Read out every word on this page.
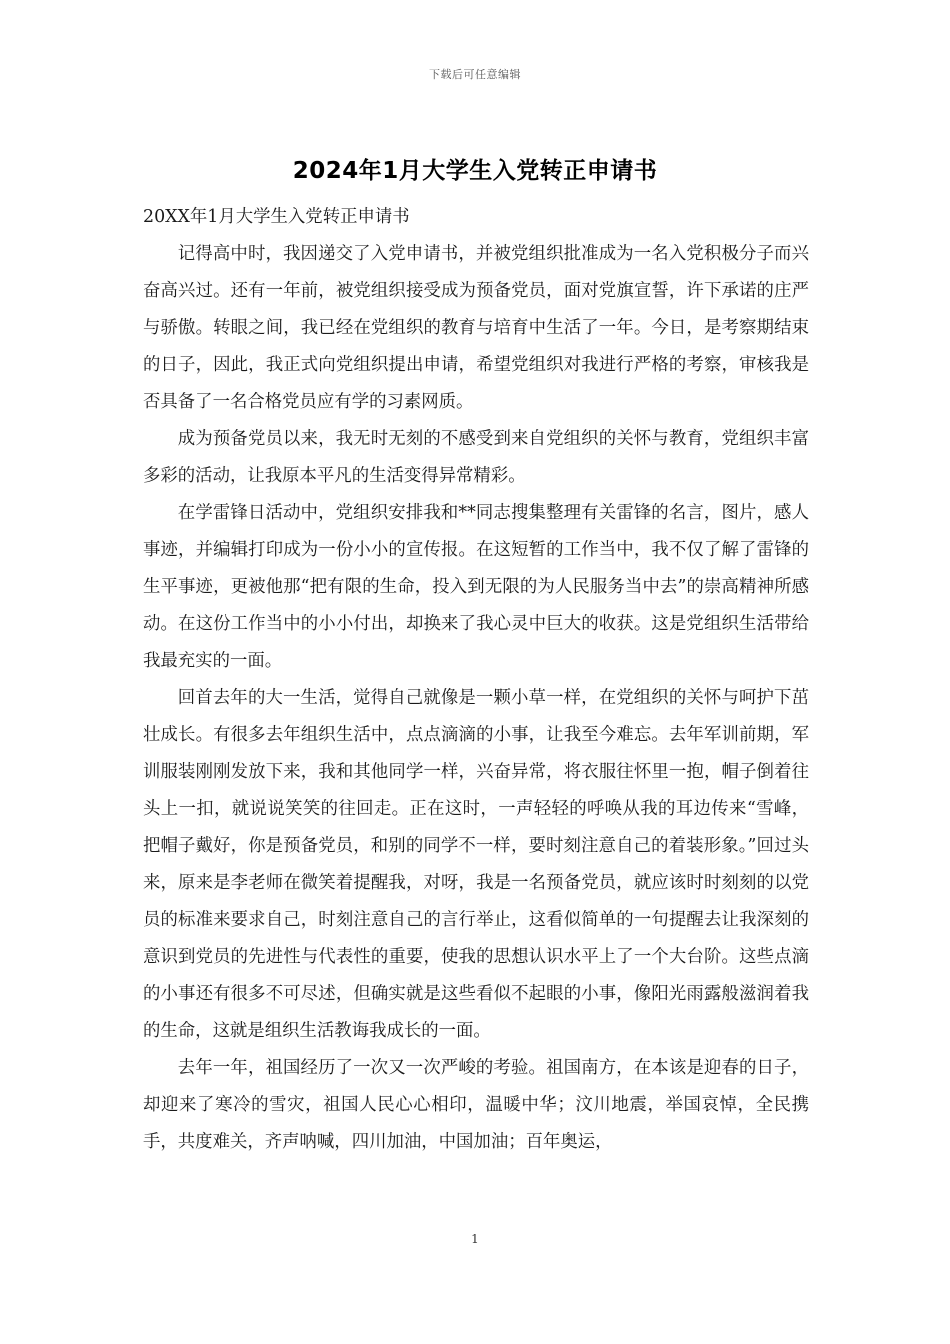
下载后可任意编辑
2024年1月大学生入党转正申请书

20XX年1月大学生入党转正申请书

记得高中时，我因递交了入党申请书，并被党组织批准成为一名入党积极分子而兴奋高兴过。还有一年前，被党组织接受成为预备党员，面对党旗宣誓，许下承诺的庄严与骄傲。转眼之间，我已经在党组织的教育与培育中生活了一年。今日，是考察期结束的日子，因此，我正式向党组织提出申请，希望党组织对我进行严格的考察，审核我是否具备了一名合格党员应有学的习素网质。

成为预备党员以来，我无时无刻的不感受到来自党组织的关怀与教育，党组织丰富多彩的活动，让我原本平凡的生活变得异常精彩。

在学雷锋日活动中，党组织安排我和**同志搜集整理有关雷锋的名言，图片，感人事迹，并编辑打印成为一份小小的宣传报。在这短暂的工作当中，我不仅了解了雷锋的生平事迹，更被他那“把有限的生命，投入到无限的为人民服务当中去”的崇高精神所感动。在这份工作当中的小小付出，却换来了我心灵中巨大的收获。这是党组织生活带给我最充实的一面。

回首去年的大一生活，觉得自己就像是一颗小草一样，在党组织的关怀与呵护下茁壮成长。有很多去年组织生活中，点点滴滴的小事，让我至今难忘。去年军训前期，军训服装刚刚发放下来，我和其他同学一样，兴奋异常，将衣服往怀里一抱，帽子倒着往头上一扣，就说说笑笑的往回走。正在这时，一声轻轻的呼唤从我的耳边传来“雪峰，把帽子戴好，你是预备党员，和别的同学不一样，要时刻注意自己的着装形象。”回过头来，原来是李老师在微笑着提醒我，对呀，我是一名预备党员，就应该时时刻刻的以党员的标准来要求自己，时刻注意自己的言行举止，这看似简单的一句提醒去让我深刻的意识到党员的先进性与代表性的重要，使我的思想认识水平上了一个大台阶。这些点滴的小事还有很多不可尽述，但确实就是这些看似不起眼的小事，像阳光雨露般滋润着我的生命，这就是组织生活教诲我成长的一面。

去年一年，祖国经历了一次又一次严峻的考验。祖国南方，在本该是迎春的日子，却迎来了寒冷的雪灾，祖国人民心心相印，温暖中华；汶川地震，举国哀悼，全民携手，共度难关，齐声呐喊，四川加油，中国加油；百年奥运，

1
